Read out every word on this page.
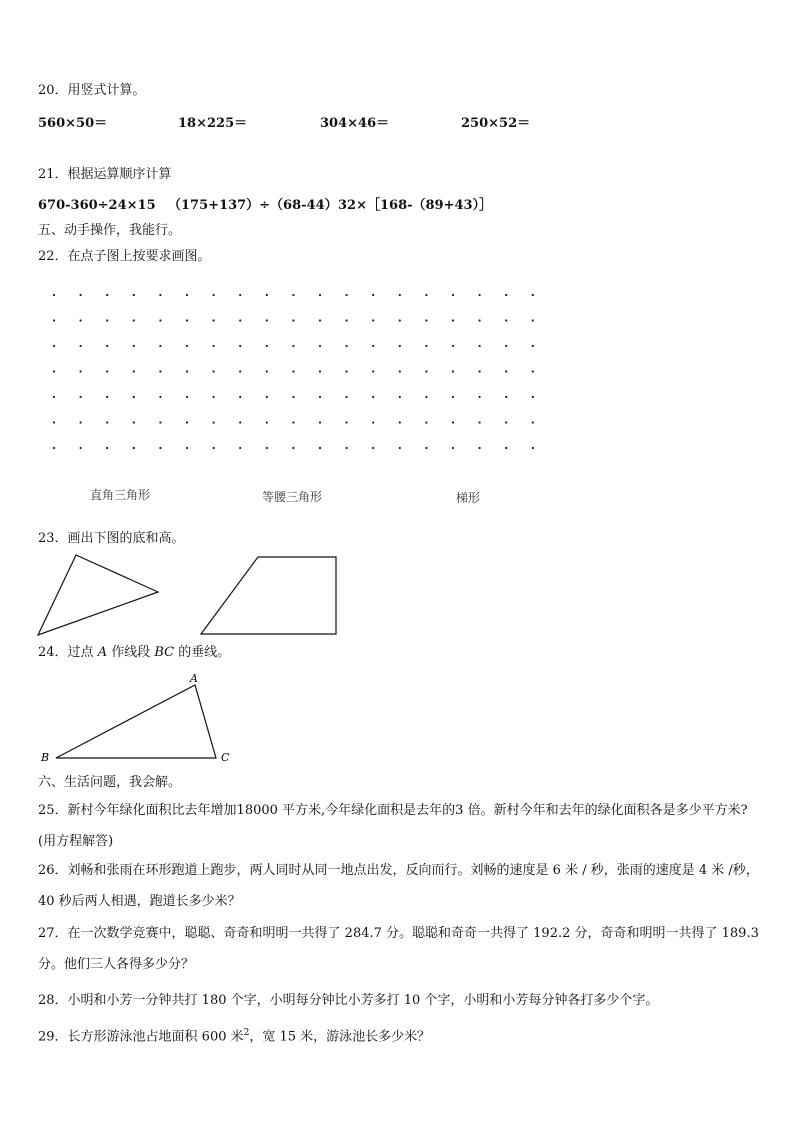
20．用竖式计算。
560×50＝	18×225＝	304×46＝	250×52＝
21．根据运算顺序计算
670-360÷24×15 （175+137）÷（68-44） 32×［168-（89+43）］
五、动手操作，我能行。
22．在点子图上按要求画图。
直角三角形	等腰三角形	梯形
23．画出下图的底和高。
24．过点 A 作线段 BC 的垂线。
A
B	C
六、生活问题，我会解。
25．新村今年绿化面积比去年增加18000 平方米,今年绿化面积是去年的3 倍。新村今年和去年的绿化面积各是多少平方米?(用方程解答)
26．刘畅和张雨在环形跑道上跑步，两人同时从同一地点出发，反向而行。刘畅的速度是 6 米 / 秒，张雨的速度是 4 米 /秒，40 秒后两人相遇，跑道长多少米？
27．在一次数学竞赛中，聪聪、奇奇和明明一共得了 284.7 分。聪聪和奇奇一共得了 192.2 分，奇奇和明明一共得了 189.3 分。他们三人各得多少分？
28．小明和小芳一分钟共打 180 个字，小明每分钟比小芳多打 10 个字，小明和小芳每分钟各打多少个字。
29．长方形游泳池占地面积 600 米$^2$，宽 15 米，游泳池长多少米？
